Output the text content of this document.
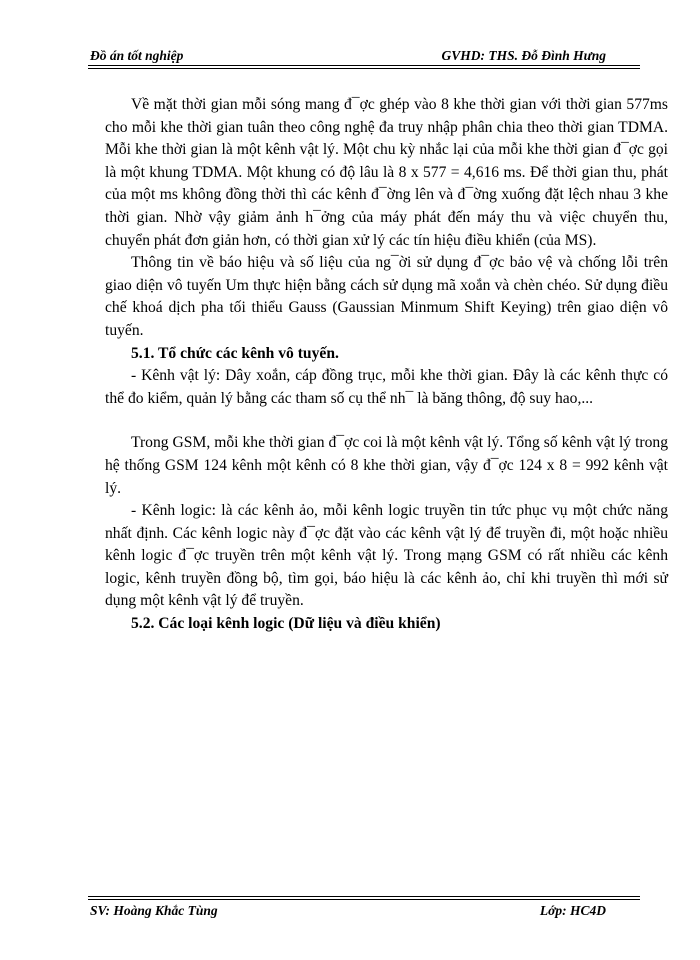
Đồ án tốt nghiệp	GVHD: THS. Đỗ Đình Hưng

Về mặt thời gian mỗi sóng mang đ¯ợc ghép vào 8 khe thời gian với thời gian 577ms cho mỗi khe thời gian tuân theo công nghệ đa truy nhập phân chia theo thời gian TDMA. Mỗi khe thời gian là một kênh vật lý. Một chu kỳ nhắc lại của mỗi khe thời gian đ¯ợc gọi là một khung TDMA. Một khung có độ lâu là 8 x 577 = 4,616 ms. Để thời gian thu, phát của một ms không đồng thời thì các kênh đ¯ờng lên và đ¯ờng xuống đặt lệch nhau 3 khe thời gian. Nhờ vậy giảm ảnh h¯ởng của máy phát đến máy thu và việc chuyển thu, chuyển phát đơn giản hơn, có thời gian xử lý các tín hiệu điều khiển (của MS).

Thông tin về báo hiệu và số liệu của ng¯ời sử dụng đ¯ợc bảo vệ và chống lỗi trên giao diện vô tuyến Um thực hiện bằng cách sử dụng mã xoắn và chèn chéo. Sử dụng điều chế khoá dịch pha tối thiểu Gauss (Gaussian Minmum Shift Keying) trên giao diện vô tuyến.

5.1. Tổ chức các kênh vô tuyến.

- Kênh vật lý: Dây xoắn, cáp đồng trục, mỗi khe thời gian. Đây là các kênh thực có thể đo kiểm, quản lý bằng các tham số cụ thể nh¯ là băng thông, độ suy hao,...

Trong GSM, mỗi khe thời gian đ¯ợc coi là một kênh vật lý. Tổng số kênh vật lý trong hệ thống GSM 124 kênh một kênh có 8 khe thời gian, vậy đ¯ợc 124 x 8 = 992 kênh vật lý.

- Kênh logic: là các kênh ảo, mỗi kênh logic truyền tin tức phục vụ một chức năng nhất định. Các kênh logic này đ¯ợc đặt vào các kênh vật lý để truyền đi, một hoặc nhiều kênh logic đ¯ợc truyền trên một kênh vật lý. Trong mạng GSM có rất nhiều các kênh logic, kênh truyền đồng bộ, tìm gọi, báo hiệu là các kênh ảo, chỉ khi truyền thì mới sử dụng một kênh vật lý để truyền.

5.2. Các loại kênh logic (Dữ liệu và điều khiển)

SV: Hoàng Khắc Tùng	Lớp: HC4D
